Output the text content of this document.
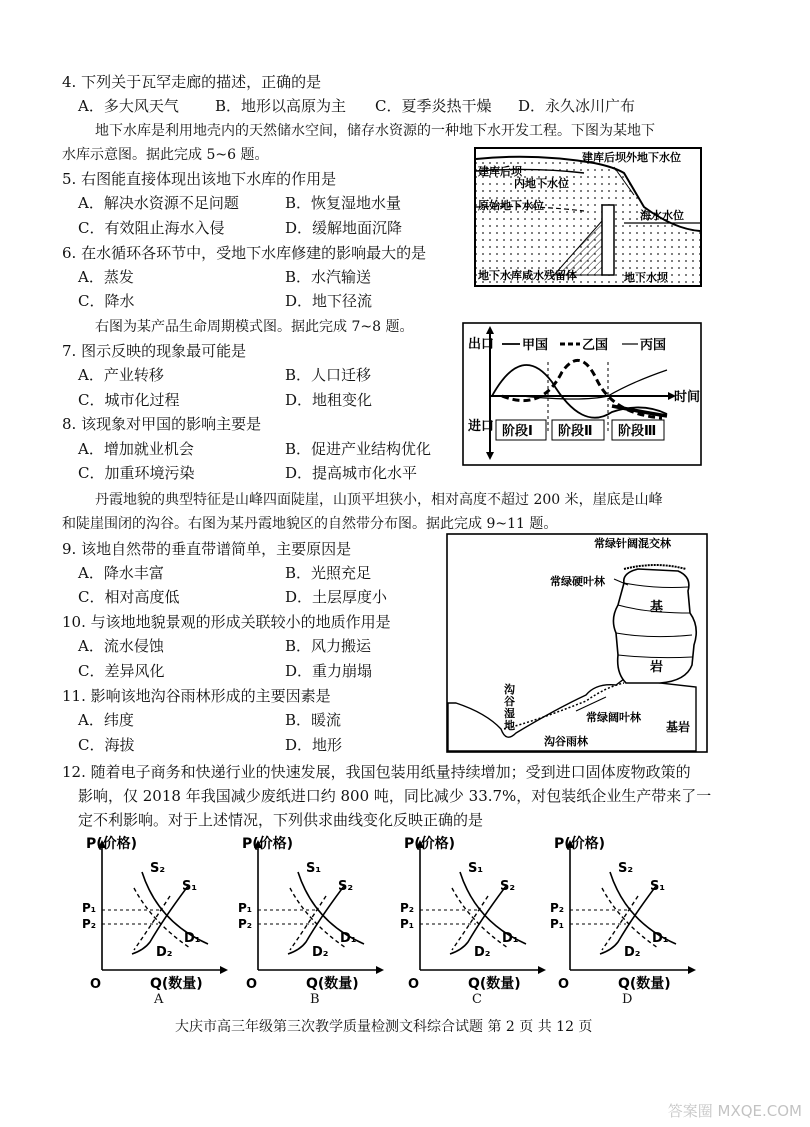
4. 下列关于瓦罕走廊的描述，正确的是
A．多大风天气 B．地形以高原为主 C．夏季炎热干燥 D．永久冰川广布
地下水库是利用地壳内的天然储水空间，储存水资源的一种地下水开发工程。下图为某地下
水库示意图。据此完成 5~6 题。
5. 右图能直接体现出该地下水库的作用是
A．解决水资源不足问题	B．恢复湿地水量
C．有效阻止海水入侵	D．缓解地面沉降
6. 在水循环各环节中，受地下水库修建的影响最大的是
A．蒸发	B．水汽输送
C．降水	D．地下径流
建库后坝
内地下水位
建库后坝外地下水位
原始地下水位
海水水位
地下水库咸水残留体	地下水坝
右图为某产品生命周期模式图。据此完成 7~8 题。
7. 图示反映的现象最可能是
A．产业转移	B．人口迁移
C．城市化过程	D．地租变化
8. 该现象对甲国的影响主要是
A．增加就业机会	B．促进产业结构优化
C．加重环境污染	D．提高城市化水平
出口
进口
甲国	乙国 丙国
时间
阶段Ⅰ 阶段Ⅱ 阶段Ⅲ
丹霞地貌的典型特征是山峰四面陡崖，山顶平坦狭小，相对高度不超过 200 米，崖底是山峰
和陡崖围闭的沟谷。右图为某丹霞地貌区的自然带分布图。据此完成 9~11 题。
9. 该地自然带的垂直带谱简单，主要原因是
A．降水丰富	B．光照充足
C．相对高度低	D．土层厚度小
10. 与该地地貌景观的形成关联较小的地质作用是
A．流水侵蚀	B．风力搬运
C．差异风化	D．重力崩塌
11. 影响该地沟谷雨林形成的主要因素是
A．纬度	B．暖流
C．海拔	D．地形
常绿针阔混交林
常绿硬叶林
基
岩
沟
谷
湿
地
常绿阔叶林
沟谷雨林
基岩
12. 随着电子商务和快递行业的快速发展，我国包装用纸量持续增加；受到进口固体废物政策的
影响，仅 2018 年我国减少废纸进口约 800 吨，同比减少 33.7%，对包装纸企业生产带来了一
定不利影响。对于上述情况，下列供求曲线变化反映正确的是
P(价格)
Q(数量)
O
P₁
P₂
S₂
S₁
D₁
D₂
A
P(价格)
Q(数量)
O
P₁
P₂
S₁
S₂
D₁
D₂
B
P(价格)
Q(数量)
O
P₂
P₁
S₁
S₂
D₁
D₂
C
P(价格)
Q(数量)
O
P₂
P₁
S₂
S₁
D₁
D₂
D
大庆市高三年级第三次教学质量检测文科综合试题 第 2 页 共 12 页
答案圈 MXQE.COM
